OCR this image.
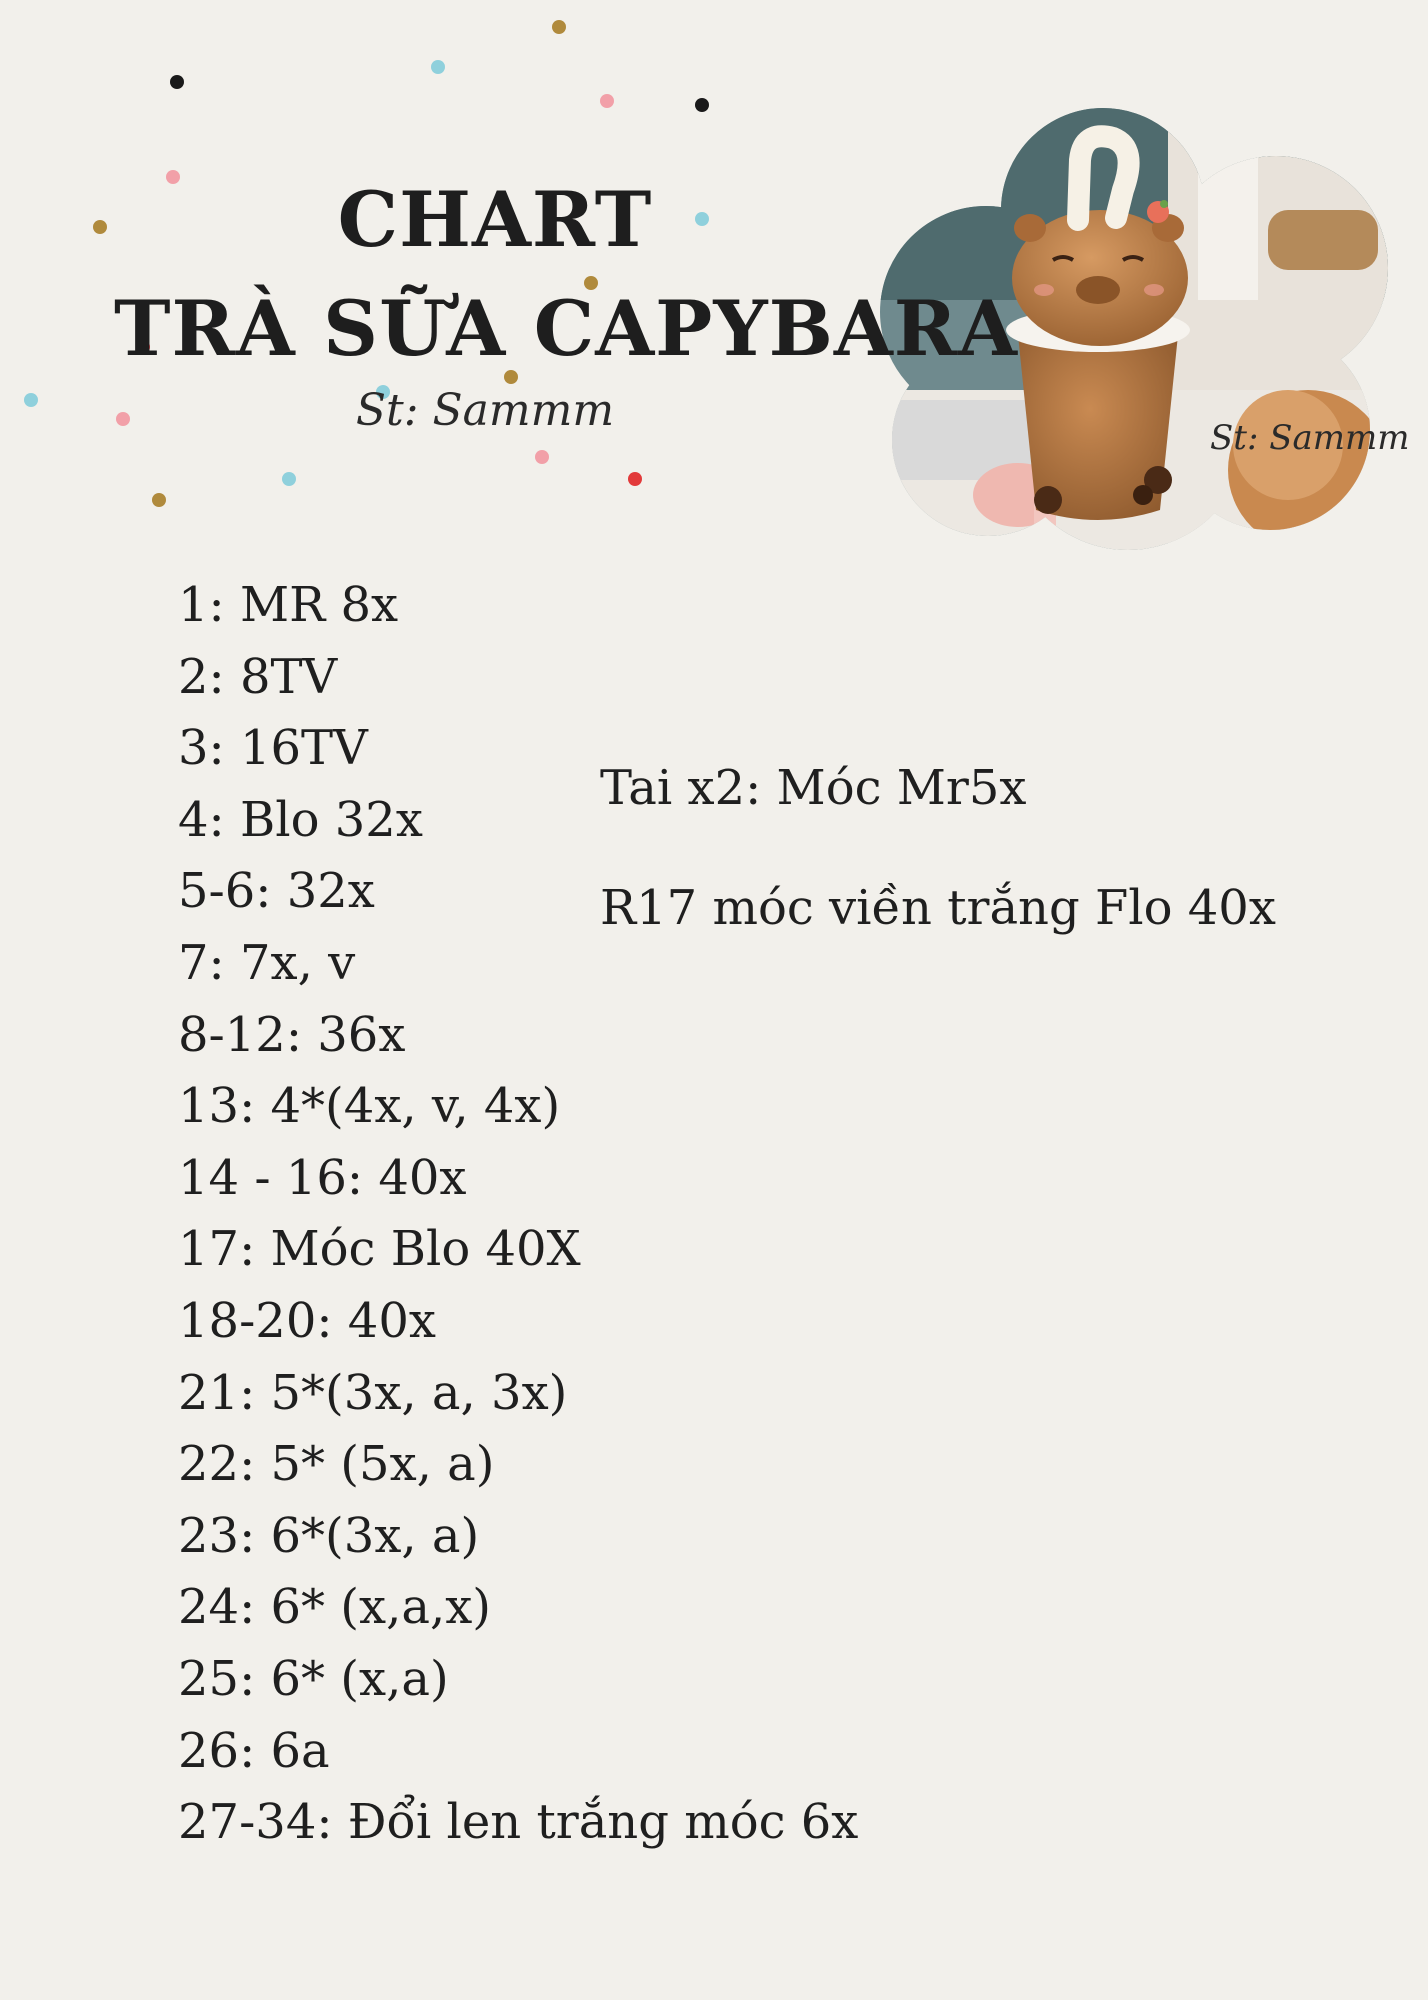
CHART
TRÀ SỮA CAPYBARA
St: Sammm
St: Sammm
1: MR 8x
2: 8TV
3: 16TV
4: Blo 32x
5-6: 32x
7: 7x, v
8-12: 36x
13: 4*(4x, v, 4x)
14 - 16: 40x
17: Móc Blo 40X
18-20: 40x
21: 5*(3x, a, 3x)
22: 5* (5x, a)
23: 6*(3x, a)
24: 6* (x,a,x)
25: 6* (x,a)
26: 6a
27-34: Đổi len trắng móc 6x
Tai x2: Móc Mr5x
R17 móc viền trắng Flo 40x
